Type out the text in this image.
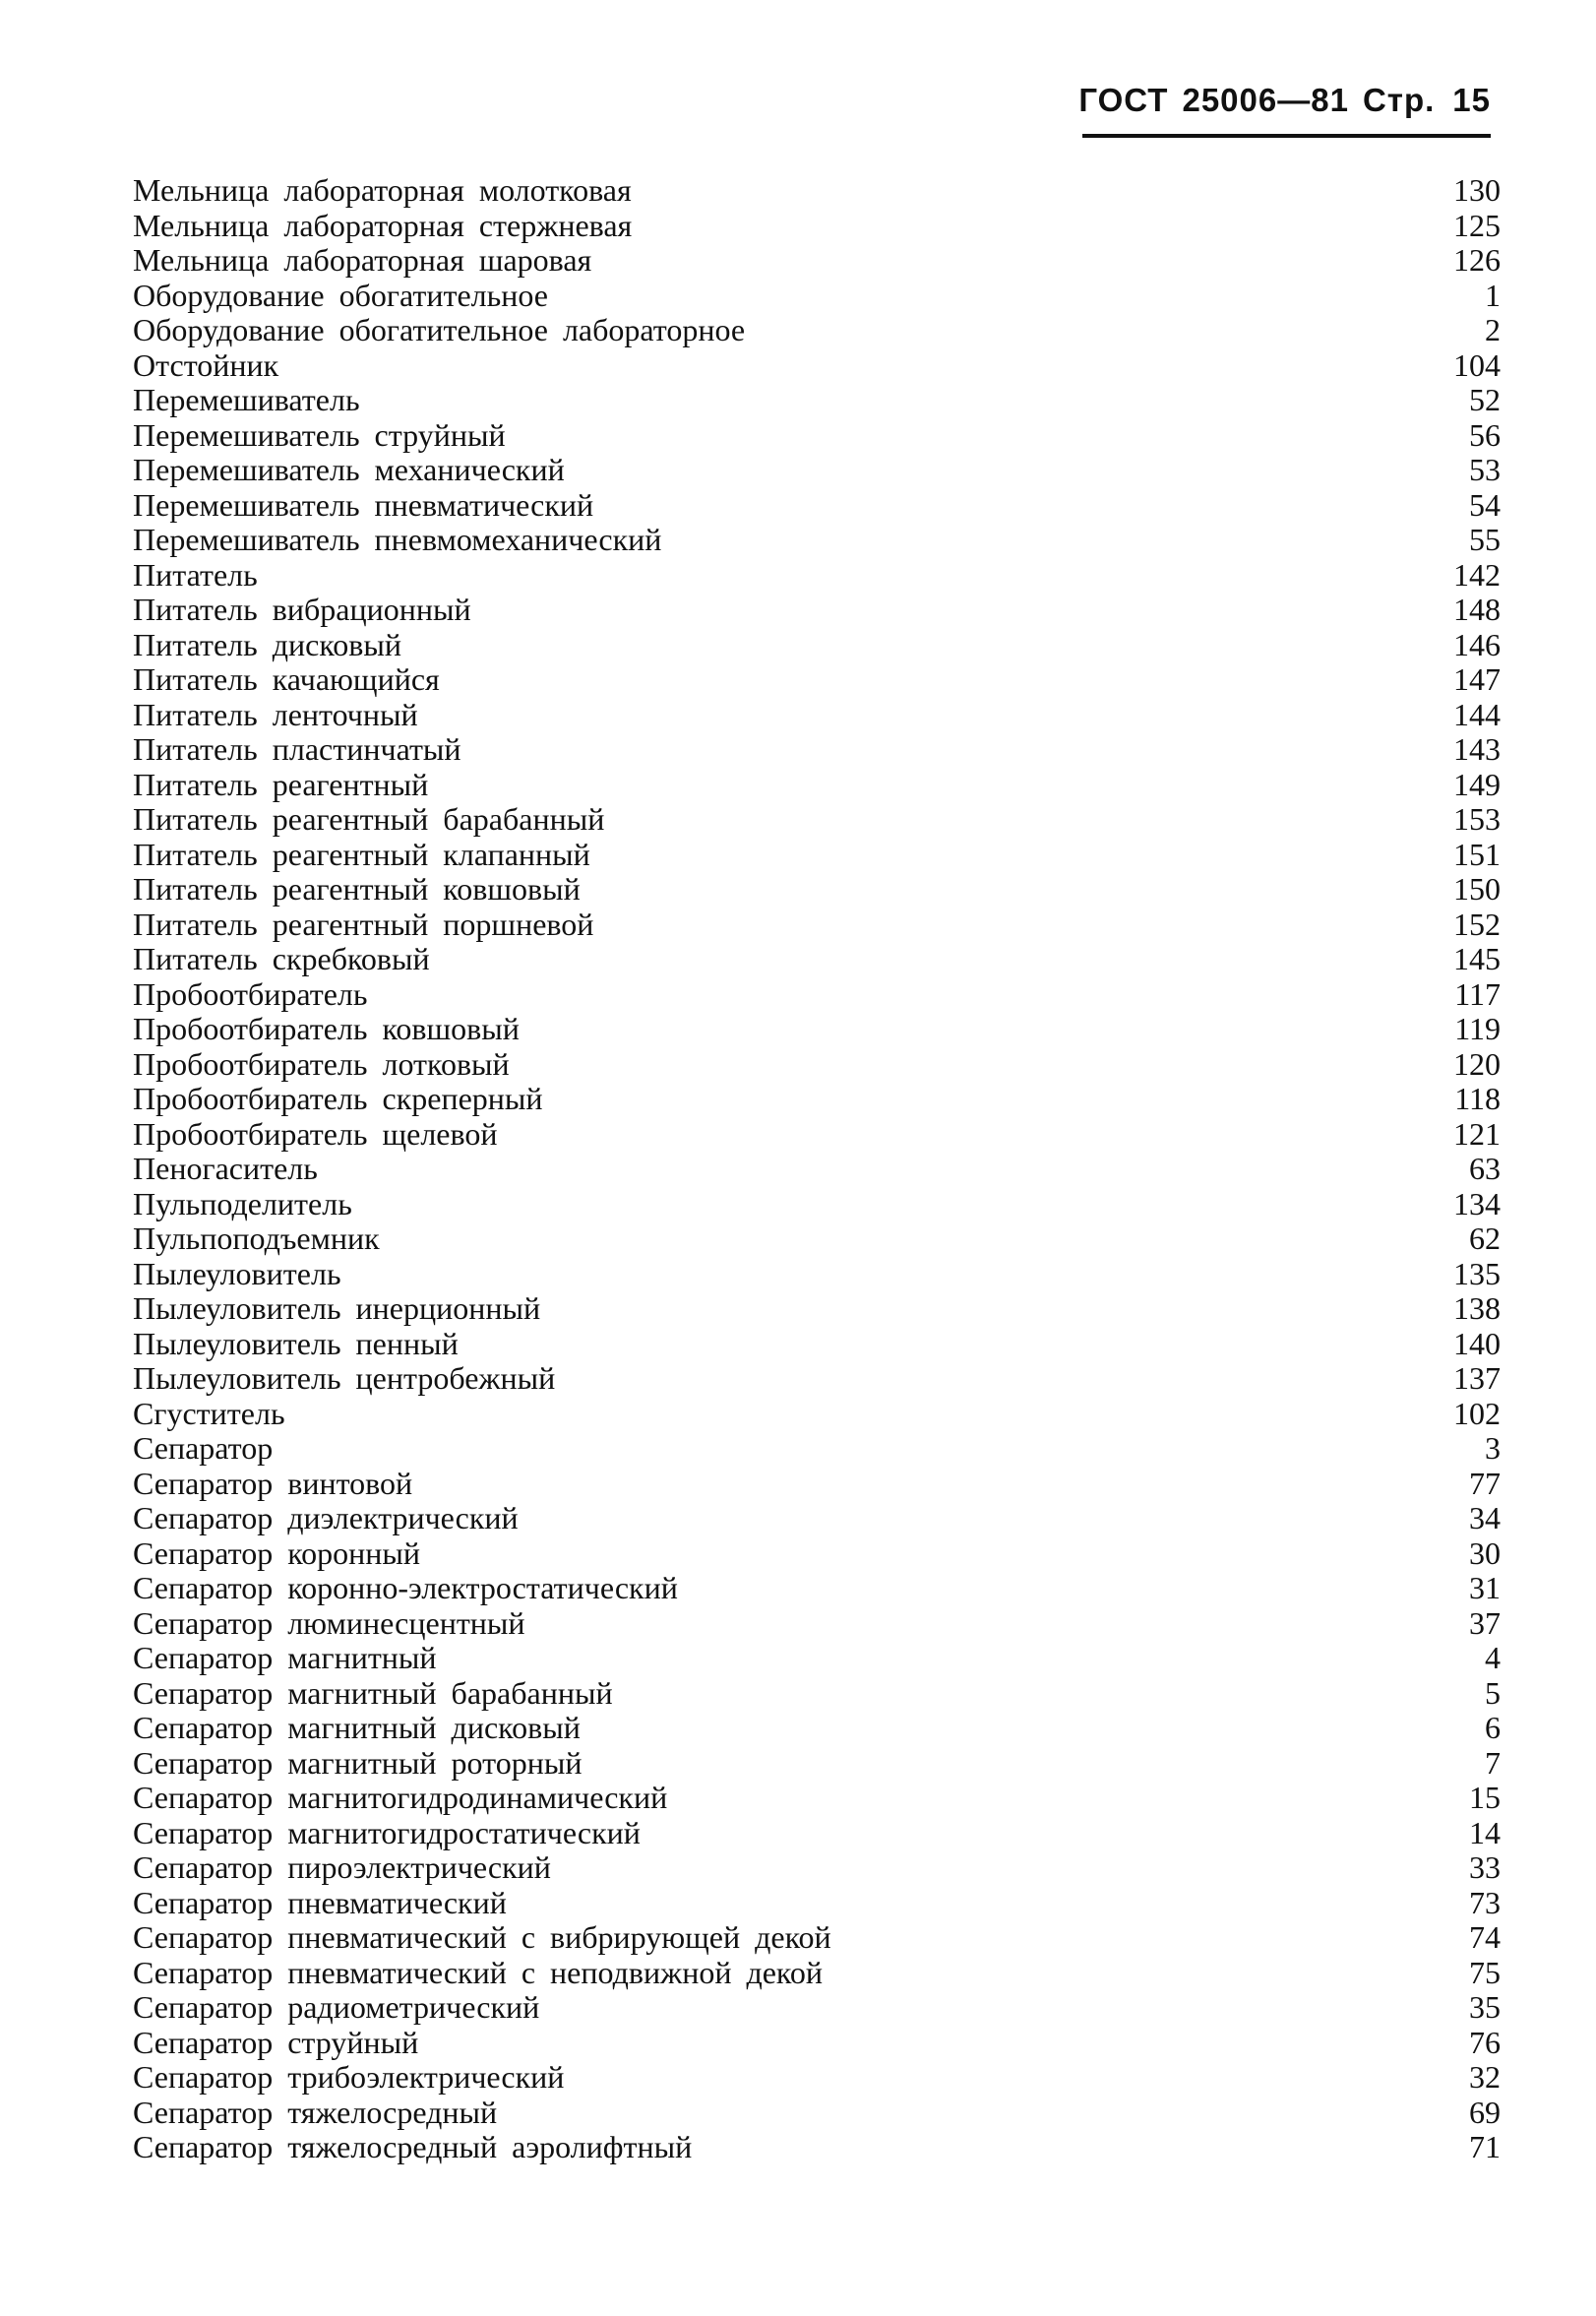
ГОСТ 25006—81 Стр. 15
Мельница лабораторная молотковая	130
Мельница лабораторная стержневая	125
Мельница лабораторная шаровая	126
Оборудование обогатительное	1
Оборудование обогатительное лабораторное	2
Отстойник	104
Перемешиватель	52
Перемешиватель струйный	56
Перемешиватель механический	53
Перемешиватель пневматический	54
Перемешиватель пневмомеханический	55
Питатель	142
Питатель вибрационный	148
Питатель дисковый	146
Питатель качающийся	147
Питатель ленточный	144
Питатель пластинчатый	143
Питатель реагентный	149
Питатель реагентный барабанный	153
Питатель реагентный клапанный	151
Питатель реагентный ковшовый	150
Питатель реагентный поршневой	152
Питатель скребковый	145
Пробоотбиратель	117
Пробоотбиратель ковшовый	119
Пробоотбиратель лотковый	120
Пробоотбиратель скреперный	118
Пробоотбиратель щелевой	121
Пеногаситель	63
Пульподелитель	134
Пульпоподъемник	62
Пылеуловитель	135
Пылеуловитель инерционный	138
Пылеуловитель пенный	140
Пылеуловитель центробежный	137
Сгуститель	102
Сепаратор	3
Сепаратор винтовой	77
Сепаратор диэлектрический	34
Сепаратор коронный	30
Сепаратор коронно-электростатический	31
Сепаратор люминесцентный	37
Сепаратор магнитный	4
Сепаратор магнитный барабанный	5
Сепаратор магнитный дисковый	6
Сепаратор магнитный роторный	7
Сепаратор магнитогидродинамический	15
Сепаратор магнитогидростатический	14
Сепаратор пироэлектрический	33
Сепаратор пневматический	73
Сепаратор пневматический с вибрирующей декой	74
Сепаратор пневматический с неподвижной декой	75
Сепаратор радиометрический	35
Сепаратор струйный	76
Сепаратор трибоэлектрический	32
Сепаратор тяжелосредный	69
Сепаратор тяжелосредный аэролифтный	71
